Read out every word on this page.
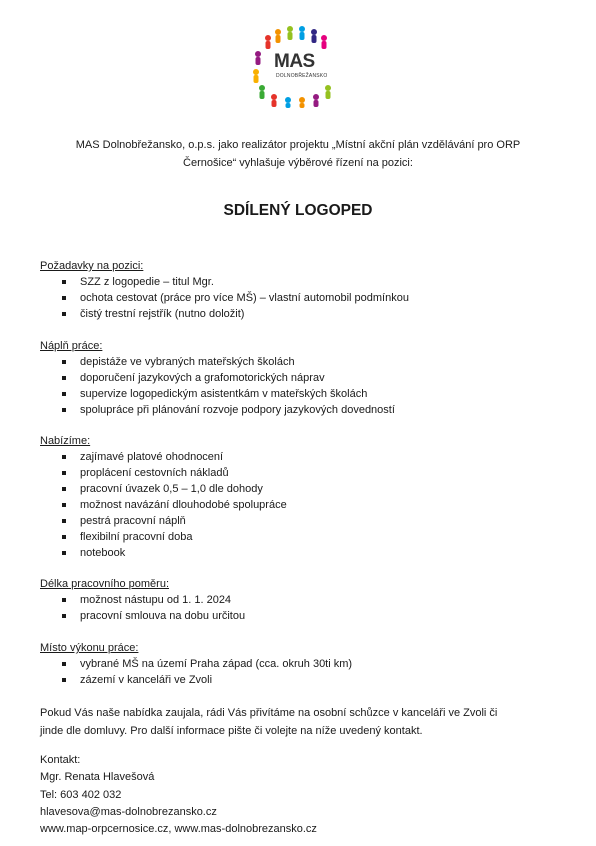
MAS
DOLNOBŘEŽANSKO
MAS Dolnobřežansko, o.p.s. jako realizátor projektu „Místní akční plán vzdělávání pro ORP
Černošice“ vyhlašuje výběrové řízení na pozici:
SDÍLENÝ LOGOPED
Požadavky na pozici:
SZZ z logopedie – titul Mgr.
ochota cestovat (práce pro více MŠ) – vlastní automobil podmínkou
čistý trestní rejstřík (nutno doložit)
Náplň práce:
depistáže ve vybraných mateřských školách
doporučení jazykových a grafomotorických náprav
supervize logopedickým asistentkám v mateřských školách
spolupráce při plánování rozvoje podpory jazykových dovedností
Nabízíme:
zajímavé platové ohodnocení
proplácení cestovních nákladů
pracovní úvazek 0,5 – 1,0 dle dohody
možnost navázání dlouhodobé spolupráce
pestrá pracovní náplň
flexibilní pracovní doba
notebook
Délka pracovního poměru:
možnost nástupu od 1. 1. 2024
pracovní smlouva na dobu určitou
Místo výkonu práce:
vybrané MŠ na území Praha západ (cca. okruh 30ti km)
zázemí v kanceláři ve Zvoli
Pokud Vás naše nabídka zaujala, rádi Vás přivítáme na osobní schůzce v kanceláři ve Zvoli či
jinde dle domluvy. Pro další informace pište či volejte na níže uvedený kontakt.
Kontakt:
Mgr. Renata Hlavešová
Tel: 603 402 032
hlavesova@mas-dolnobrezansko.cz
www.map-orpcernosice.cz, www.mas-dolnobrezansko.cz
